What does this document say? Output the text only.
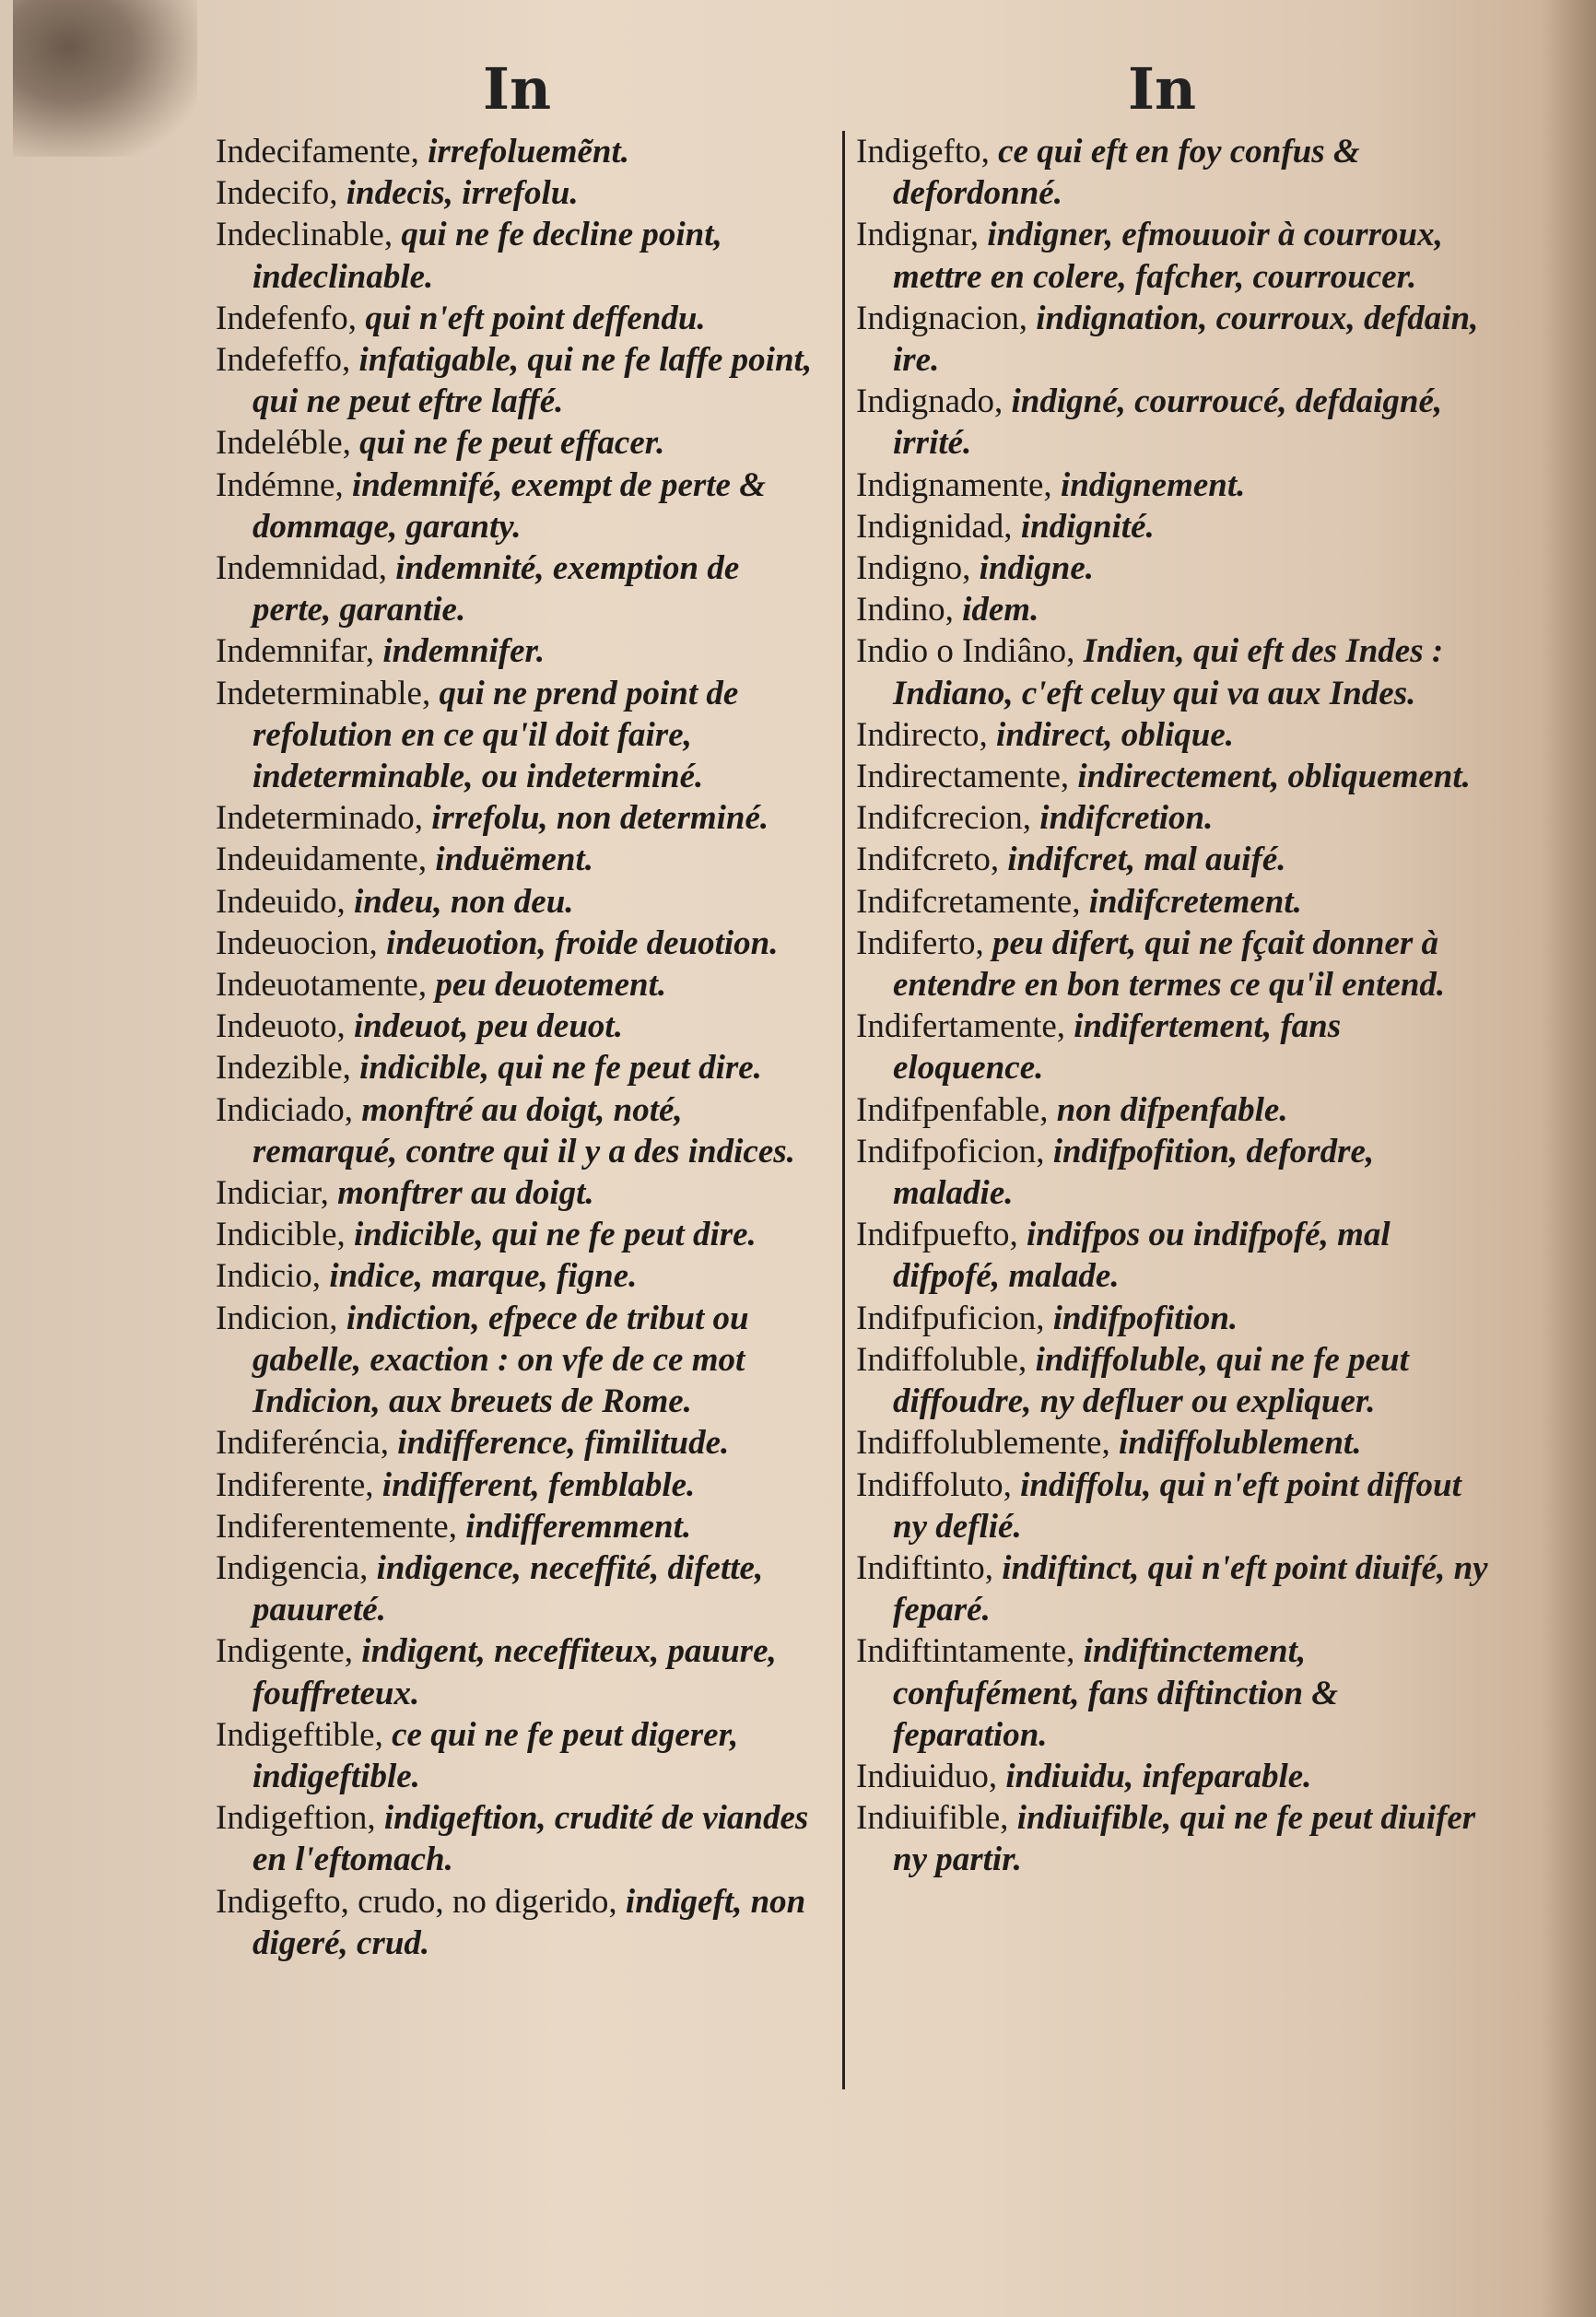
In	In

Indecifamente, irrefoluemẽnt.

Indecifo, indecis, irrefolu.

Indeclinable, qui ne fe decline point, indeclinable.

Indefenfo, qui n'eft point deffendu.

Indefeffo, infatigable, qui ne fe laffe point, qui ne peut eftre laffé.

Indeléble, qui ne fe peut effacer.

Indémne, indemnifé, exempt de perte & dommage, garanty.

Indemnidad, indemnité, exemption de perte, garantie.

Indemnifar, indemnifer.

Indeterminable, qui ne prend point de refolution en ce qu'il doit faire, indeterminable, ou indeterminé.

Indeterminado, irrefolu, non determiné.

Indeuidamente, induëment.

Indeuido, indeu, non deu.

Indeuocion, indeuotion, froide deuotion.

Indeuotamente, peu deuotement.

Indeuoto, indeuot, peu deuot.

Indezible, indicible, qui ne fe peut dire.

Indiciado, monftré au doigt, noté, remarqué, contre qui il y a des indices.

Indiciar, monftrer au doigt.

Indicible, indicible, qui ne fe peut dire.

Indicio, indice, marque, figne.

Indicion, indiction, efpece de tribut ou gabelle, exaction : on vfe de ce mot Indicion, aux breuets de Rome.

Indiferéncia, indifference, fimilitude.

Indiferente, indifferent, femblable.

Indiferentemente, indifferemment.

Indigencia, indigence, neceffité, difette, pauureté.

Indigente, indigent, neceffiteux, pauure, fouffreteux.

Indigeftible, ce qui ne fe peut digerer, indigeftible.

Indigeftion, indigeftion, crudité de viandes en l'eftomach.

Indigefto, crudo, no digerido, indigeft, non digeré, crud.

Indigefto, ce qui eft en foy confus & defordonné.

Indignar, indigner, efmouuoir à courroux, mettre en colere, fafcher, courroucer.

Indignacion, indignation, courroux, defdain, ire.

Indignado, indigné, courroucé, defdaigné, irrité.

Indignamente, indignement.

Indignidad, indignité.

Indigno, indigne.

Indino, idem.

Indio o Indiâno, Indien, qui eft des Indes : Indiano, c'eft celuy qui va aux Indes.

Indirecto, indirect, oblique.

Indirectamente, indirectement, obliquement.

Indifcrecion, indifcretion.

Indifcreto, indifcret, mal auifé.

Indifcretamente, indifcretement.

Indiferto, peu difert, qui ne fçait donner à entendre en bon termes ce qu'il entend.

Indifertamente, indifertement, fans eloquence.

Indifpenfable, non difpenfable.

Indifpoficion, indifpofition, defordre, maladie.

Indifpuefto, indifpos ou indifpofé, mal difpofé, malade.

Indifpuficion, indifpofition.

Indiffoluble, indiffoluble, qui ne fe peut diffoudre, ny defluer ou expliquer.

Indiffolublemente, indiffolublement.

Indiffoluto, indiffolu, qui n'eft point diffout ny deflié.

Indiftinto, indiftinct, qui n'eft point diuifé, ny feparé.

Indiftintamente, indiftinctement, confufément, fans diftinction & feparation.

Indiuiduo, indiuidu, infeparable.

Indiuifible, indiuifible, qui ne fe peut diuifer ny partir.
